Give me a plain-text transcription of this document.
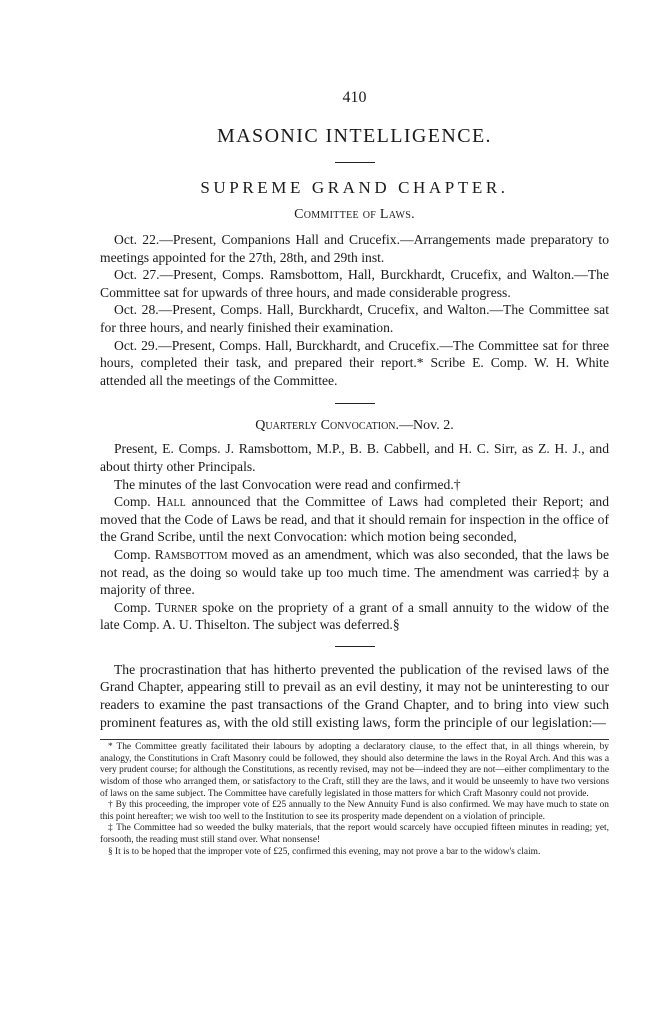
410
MASONIC INTELLIGENCE.
SUPREME GRAND CHAPTER.
Committee of Laws.

Oct. 22.—Present, Companions Hall and Crucefix.—Arrangements made preparatory to meetings appointed for the 27th, 28th, and 29th inst.

Oct. 27.—Present, Comps. Ramsbottom, Hall, Burckhardt, Crucefix, and Walton.—The Committee sat for upwards of three hours, and made considerable progress.

Oct. 28.—Present, Comps. Hall, Burckhardt, Crucefix, and Walton.—The Committee sat for three hours, and nearly finished their examination.

Oct. 29.—Present, Comps. Hall, Burckhardt, and Crucefix.—The Committee sat for three hours, completed their task, and prepared their report.* Scribe E. Comp. W. H. White attended all the meetings of the Committee.

Quarterly Convocation.—Nov. 2.

Present, E. Comps. J. Ramsbottom, M.P., B. B. Cabbell, and H. C. Sirr, as Z. H. J., and about thirty other Principals.

The minutes of the last Convocation were read and confirmed.†

Comp. Hall announced that the Committee of Laws had completed their Report; and moved that the Code of Laws be read, and that it should remain for inspection in the office of the Grand Scribe, until the next Convocation: which motion being seconded,

Comp. Ramsbottom moved as an amendment, which was also seconded, that the laws be not read, as the doing so would take up too much time. The amendment was carried‡ by a majority of three.

Comp. Turner spoke on the propriety of a grant of a small annuity to the widow of the late Comp. A. U. Thiselton. The subject was deferred.§

The procrastination that has hitherto prevented the publication of the revised laws of the Grand Chapter, appearing still to prevail as an evil destiny, it may not be uninteresting to our readers to examine the past transactions of the Grand Chapter, and to bring into view such prominent features as, with the old still existing laws, form the principle of our legislation:—

* The Committee greatly facilitated their labours by adopting a declaratory clause, to the effect that, in all things wherein, by analogy, the Constitutions in Craft Masonry could be followed, they should also determine the laws in the Royal Arch. And this was a very prudent course; for although the Constitutions, as recently revised, may not be—indeed they are not—either complimentary to the wisdom of those who arranged them, or satisfactory to the Craft, still they are the laws, and it would be unseemly to have two versions of laws on the same subject. The Committee have carefully legislated in those matters for which Craft Masonry could not provide.

† By this proceeding, the improper vote of £25 annually to the New Annuity Fund is also confirmed. We may have much to state on this point hereafter; we wish too well to the Institution to see its prosperity made dependent on a violation of principle.

‡ The Committee had so weeded the bulky materials, that the report would scarcely have occupied fifteen minutes in reading; yet, forsooth, the reading must still stand over. What nonsense!

§ It is to be hoped that the improper vote of £25, confirmed this evening, may not prove a bar to the widow's claim.
